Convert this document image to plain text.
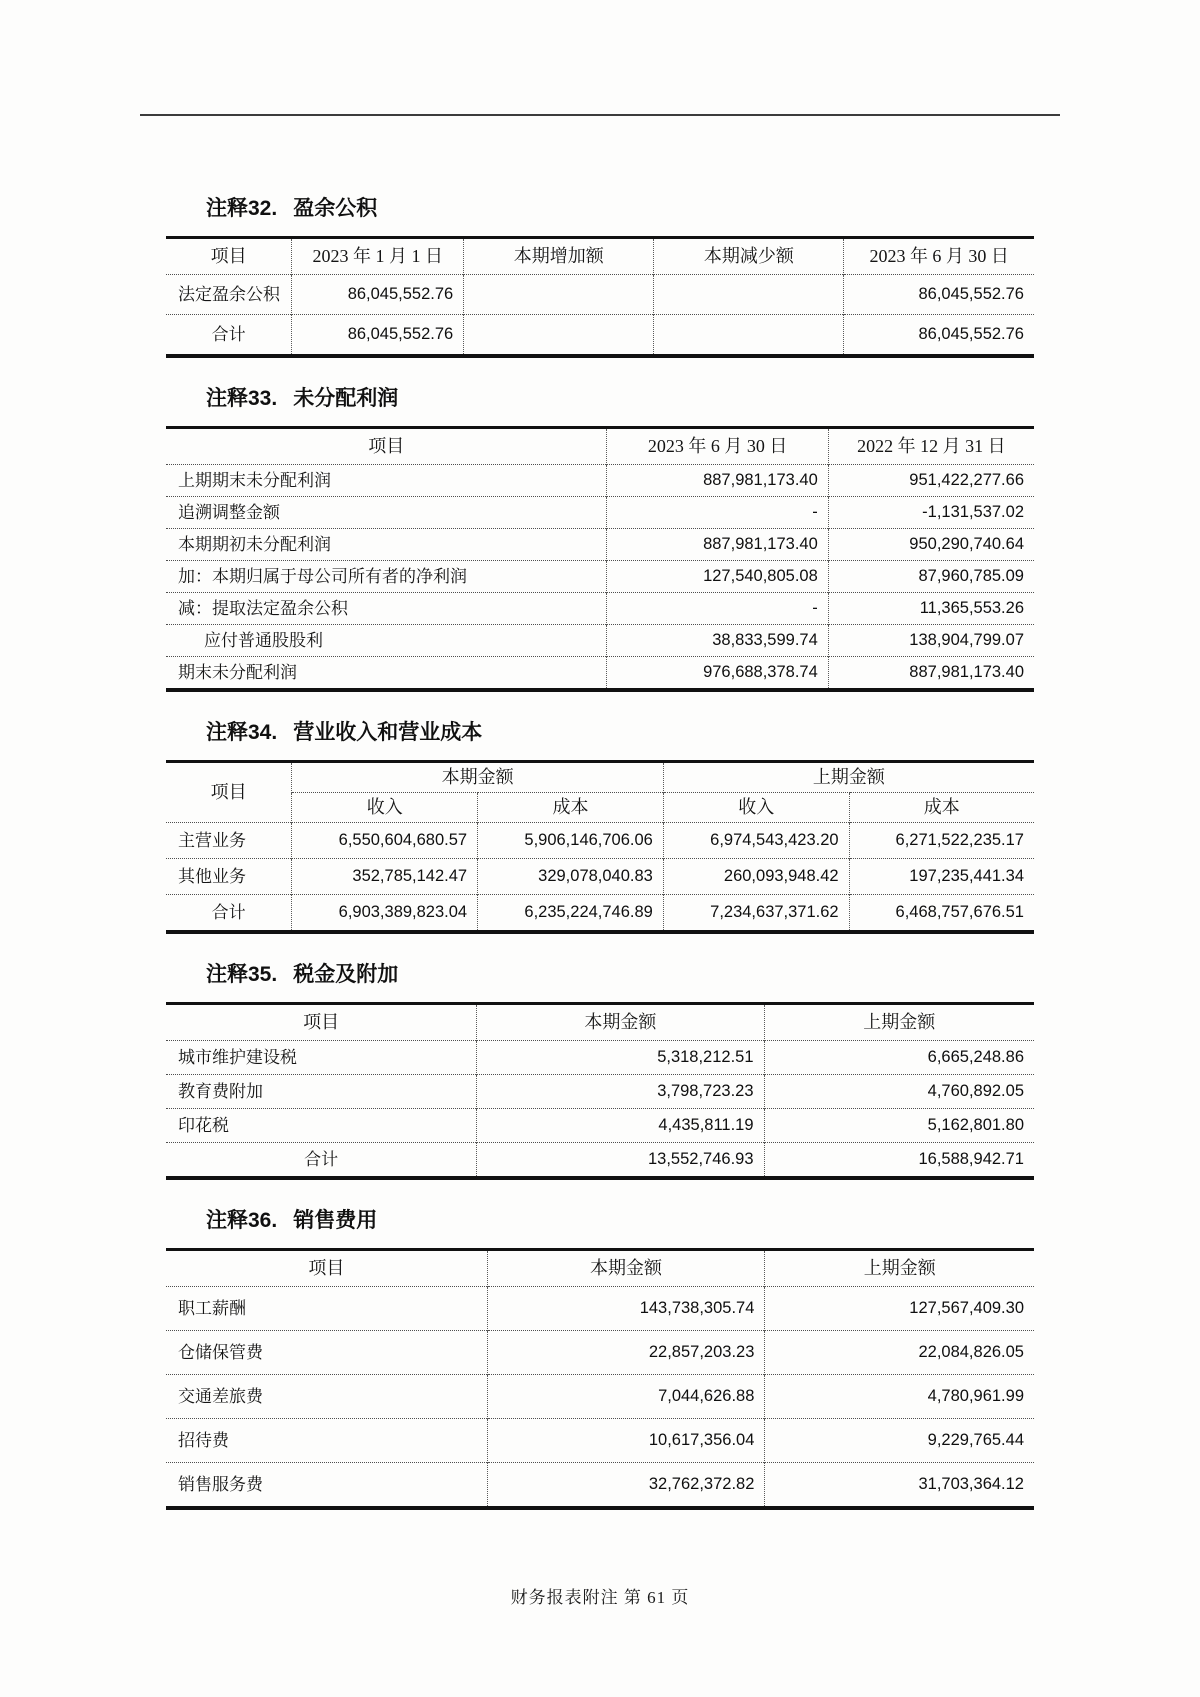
注释32. 盈余公积
项目	2023 年 1 月 1 日	本期增加额	本期减少额	2023 年 6 月 30 日
法定盈余公积	86,045,552.76			86,045,552.76
合计	86,045,552.76			86,045,552.76
注释33. 未分配利润
项目	2023 年 6 月 30 日	2022 年 12 月 31 日
上期期末未分配利润	887,981,173.40	951,422,277.66
追溯调整金额	-	-1,131,537.02
本期期初未分配利润	887,981,173.40	950,290,740.64
加：本期归属于母公司所有者的净利润	127,540,805.08	87,960,785.09
减：提取法定盈余公积	-	11,365,553.26
应付普通股股利	38,833,599.74	138,904,799.07
期末未分配利润	976,688,378.74	887,981,173.40
注释34. 营业收入和营业成本
项目	本期金额		上期金额	
	收入	成本	收入	成本
主营业务	6,550,604,680.57	5,906,146,706.06	6,974,543,423.20	6,271,522,235.17
其他业务	352,785,142.47	329,078,040.83	260,093,948.42	197,235,441.34
合计	6,903,389,823.04	6,235,224,746.89	7,234,637,371.62	6,468,757,676.51
注释35. 税金及附加
项目	本期金额	上期金额
城市维护建设税	5,318,212.51	6,665,248.86
教育费附加	3,798,723.23	4,760,892.05
印花税	4,435,811.19	5,162,801.80
合计	13,552,746.93	16,588,942.71
注释36. 销售费用
项目	本期金额	上期金额
职工薪酬	143,738,305.74	127,567,409.30
仓储保管费	22,857,203.23	22,084,826.05
交通差旅费	7,044,626.88	4,780,961.99
招待费	10,617,356.04	9,229,765.44
销售服务费	32,762,372.82	31,703,364.12
财务报表附注 第 61 页
